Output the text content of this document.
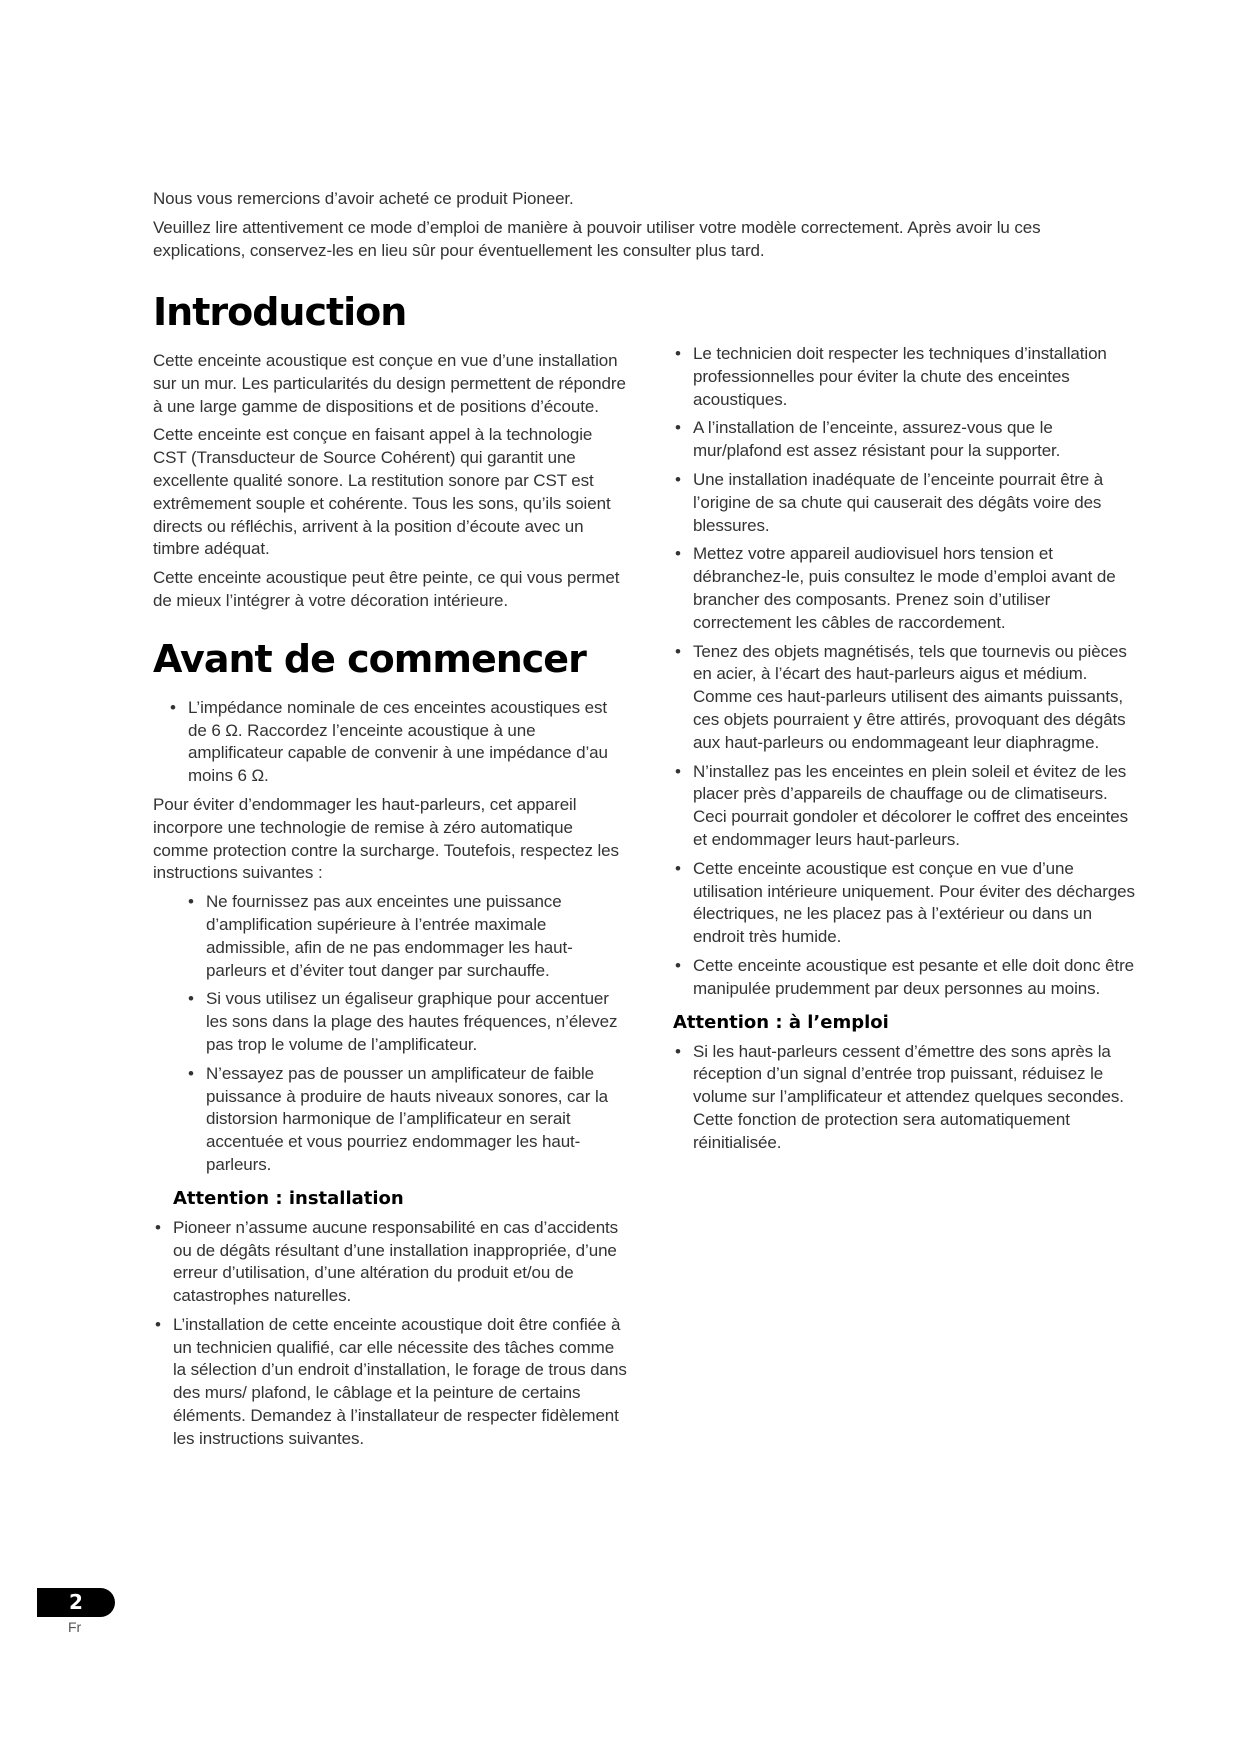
Nous vous remercions d’avoir acheté ce produit Pioneer.

Veuillez lire attentivement ce mode d’emploi de manière à pouvoir utiliser votre modèle correctement. Après avoir lu ces explications, conservez-les en lieu sûr pour éventuellement les consulter plus tard.

Introduction

Cette enceinte acoustique est conçue en vue d’une installation sur un mur. Les particularités du design permettent de répondre à une large gamme de dispositions et de positions d’écoute.

Cette enceinte est conçue en faisant appel à la technologie CST (Transducteur de Source Cohérent) qui garantit une excellente qualité sonore. La restitution sonore par CST est extrêmement souple et cohérente. Tous les sons, qu’ils soient directs ou réfléchis, arrivent à la position d’écoute avec un timbre adéquat.

Cette enceinte acoustique peut être peinte, ce qui vous permet de mieux l’intégrer à votre décoration intérieure.

Avant de commencer
• L’impédance nominale de ces enceintes acoustiques est de 6 Ω. Raccordez l’enceinte acoustique à une amplificateur capable de convenir à une impédance d’au moins 6 Ω.

Pour éviter d’endommager les haut-parleurs, cet appareil incorpore une technologie de remise à zéro automatique comme protection contre la surcharge. Toutefois, respectez les instructions suivantes :

• Ne fournissez pas aux enceintes une puissance d’amplification supérieure à l’entrée maximale admissible, afin de ne pas endommager les haut-parleurs et d’éviter tout danger par surchauffe.
• Si vous utilisez un égaliseur graphique pour accentuer les sons dans la plage des hautes fréquences, n’élevez pas trop le volume de l’amplificateur.
• N’essayez pas de pousser un amplificateur de faible puissance à produire de hauts niveaux sonores, car la distorsion harmonique de l’amplificateur en serait accentuée et vous pourriez endommager les haut-parleurs.
Attention : installation
• Pioneer n’assume aucune responsabilité en cas d’accidents ou de dégâts résultant d’une installation inappropriée, d’une erreur d’utilisation, d’une altération du produit et/ou de catastrophes naturelles.
• L’installation de cette enceinte acoustique doit être confiée à un technicien qualifié, car elle nécessite des tâches comme la sélection d’un endroit d’installation, le forage de trous dans des murs/ plafond, le câblage et la peinture de certains éléments. Demandez à l’installateur de respecter fidèlement les instructions suivantes.
• Le technicien doit respecter les techniques d’installation professionnelles pour éviter la chute des enceintes acoustiques.
• A l’installation de l’enceinte, assurez-vous que le mur/plafond est assez résistant pour la supporter.
• Une installation inadéquate de l’enceinte pourrait être à l’origine de sa chute qui causerait des dégâts voire des blessures.
• Mettez votre appareil audiovisuel hors tension et débranchez-le, puis consultez le mode d’emploi avant de brancher des composants. Prenez soin d’utiliser correctement les câbles de raccordement.
• Tenez des objets magnétisés, tels que tournevis ou pièces en acier, à l’écart des haut-parleurs aigus et médium. Comme ces haut-parleurs utilisent des aimants puissants, ces objets pourraient y être attirés, provoquant des dégâts aux haut-parleurs ou endommageant leur diaphragme.
• N’installez pas les enceintes en plein soleil et évitez de les placer près d’appareils de chauffage ou de climatiseurs. Ceci pourrait gondoler et décolorer le coffret des enceintes et endommager leurs haut-parleurs.
• Cette enceinte acoustique est conçue en vue d’une utilisation intérieure uniquement. Pour éviter des décharges électriques, ne les placez pas à l’extérieur ou dans un endroit très humide.
• Cette enceinte acoustique est pesante et elle doit donc être manipulée prudemment par deux personnes au moins.
Attention : à l’emploi
• Si les haut-parleurs cessent d’émettre des sons après la réception d’un signal d’entrée trop puissant, réduisez le volume sur l’amplificateur et attendez quelques secondes. Cette fonction de protection sera automatiquement réinitialisée.
2
Fr
